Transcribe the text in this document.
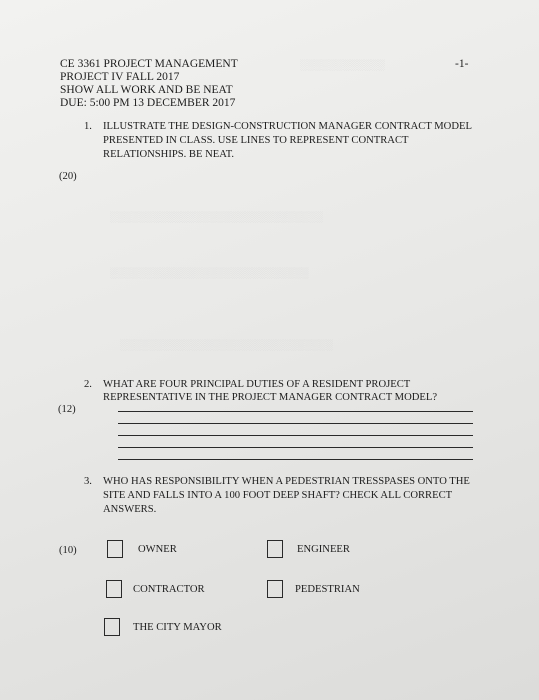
░░░░░░░░░░░░
░░░░░░░░░░░░░░░░░░░░░░░░░░░░░░
░░░░░░░░░░░░░░░░░░░░░░░░░░░░
░░░░░░░░░░░░░░░░░░░░░░░░░░░░░░
CE 3361 PROJECT MANAGEMENT
PROJECT IV FALL 2017
SHOW ALL WORK AND BE NEAT
DUE: 5:00 PM 13 DECEMBER 2017
-1-
1. ILLUSTRATE THE DESIGN-CONSTRUCTION MANAGER CONTRACT MODEL
PRESENTED IN CLASS. USE LINES TO REPRESENT CONTRACT
RELATIONSHIPS. BE NEAT.
(20)
2. WHAT ARE FOUR PRINCIPAL DUTIES OF A RESIDENT PROJECT
REPRESENTATIVE IN THE PROJECT MANAGER CONTRACT MODEL?
(12)
3. WHO HAS RESPONSIBILITY WHEN A PEDESTRIAN TRESSPASES ONTO THE
SITE AND FALLS INTO A 100 FOOT DEEP SHAFT? CHECK ALL CORRECT
ANSWERS.
(10)	OWNER	ENGINEER
CONTRACTOR	PEDESTRIAN
THE CITY MAYOR
